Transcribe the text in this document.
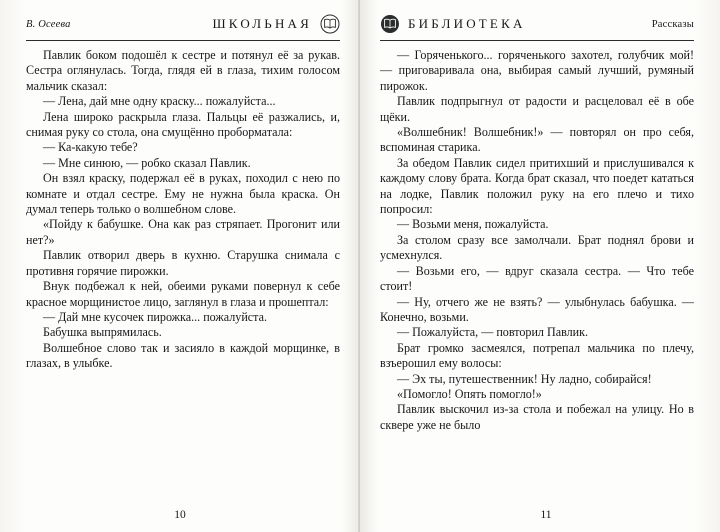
В. Осеева	ШКОЛЬНАЯ

Павлик боком подошёл к сестре и потянул её за рукав. Сестра оглянулась. Тогда, глядя ей в глаза, тихим голосом мальчик сказал:

— Лена, дай мне одну краску... пожалуйста...

Лена широко раскрыла глаза. Пальцы её разжались, и, снимая руку со стола, она смущённо проборматала:

— Ка-какую тебе?

— Мне синюю, — робко сказал Павлик.

Он взял краску, подержал её в руках, походил с нею по комнате и отдал сестре. Ему не нужна была краска. Он думал теперь только о волшебном слове.

«Пойду к бабушке. Она как раз стряпает. Прогонит или нет?»

Павлик отворил дверь в кухню. Старушка снимала с противня горячие пирожки.

Внук подбежал к ней, обеими руками повернул к себе красное морщинистое лицо, заглянул в глаза и прошептал:

— Дай мне кусочек пирожка... пожалуйста.

Бабушка выпрямилась.

Волшебное слово так и засияло в каждой морщинке, в глазах, в улыбке.

10
БИБЛИОТЕКА	Рассказы

— Горяченького... горяченького захотел, голубчик мой! — приговаривала она, выбирая самый лучший, румяный пирожок.

Павлик подпрыгнул от радости и расцеловал её в обе щёки.

«Волшебник! Волшебник!» — повторял он про себя, вспоминая старика.

За обедом Павлик сидел притихший и прислушивался к каждому слову брата. Когда брат сказал, что поедет кататься на лодке, Павлик положил руку на его плечо и тихо попросил:

— Возьми меня, пожалуйста.

За столом сразу все замолчали. Брат поднял брови и усмехнулся.

— Возьми его, — вдруг сказала сестра. — Что тебе стоит!

— Ну, отчего же не взять? — улыбнулась бабушка. — Конечно, возьми.

— Пожалуйста, — повторил Павлик.

Брат громко засмеялся, потрепал мальчика по плечу, взъерошил ему волосы:

— Эх ты, путешественник! Ну ладно, собирайся!

«Помогло! Опять помогло!»

Павлик выскочил из-за стола и побежал на улицу. Но в сквере уже не было

11
